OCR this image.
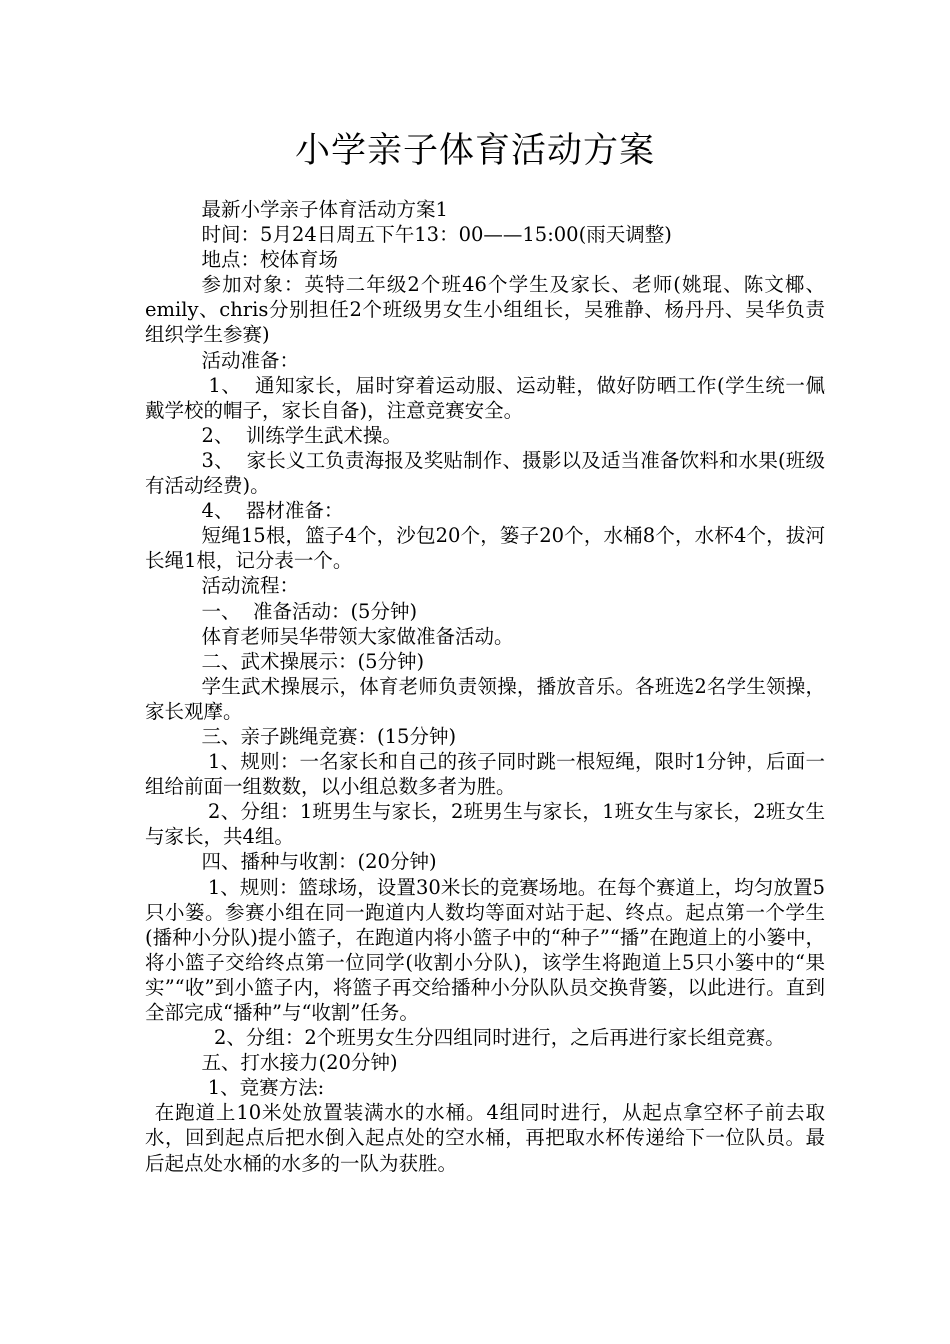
小学亲子体育活动方案

最新小学亲子体育活动方案1

时间：5月24日周五下午13：00——15:00(雨天调整)

地点：校体育场

参加对象：英特二年级2个班46个学生及家长、老师(姚琨、陈文椰、emily、chris分别担任2个班级男女生小组组长，吴雅静、杨丹丹、吴华负责组织学生参赛)

活动准备：

1、  通知家长，届时穿着运动服、运动鞋，做好防晒工作(学生统一佩戴学校的帽子，家长自备)，注意竞赛安全。

2、  训练学生武术操。

3、  家长义工负责海报及奖贴制作、摄影以及适当准备饮料和水果(班级有活动经费)。

4、  器材准备：

短绳15根，篮子4个，沙包20个，篓子20个，水桶8个，水杯4个，拔河长绳1根，记分表一个。

活动流程：

一、  准备活动：(5分钟)

体育老师吴华带领大家做准备活动。

二、武术操展示：(5分钟)

学生武术操展示，体育老师负责领操，播放音乐。各班选2名学生领操，家长观摩。

三、亲子跳绳竞赛：(15分钟)

1、规则：一名家长和自己的孩子同时跳一根短绳，限时1分钟，后面一组给前面一组数数，以小组总数多者为胜。

2、分组：1班男生与家长，2班男生与家长，1班女生与家长，2班女生与家长，共4组。

四、播种与收割：(20分钟)

1、规则：篮球场，设置30米长的竞赛场地。在每个赛道上，均匀放置5只小篓。参赛小组在同一跑道内人数均等面对站于起、终点。起点第一个学生(播种小分队)提小篮子，在跑道内将小篮子中的“种子”“播”在跑道上的小篓中，将小篮子交给终点第一位同学(收割小分队)，该学生将跑道上5只小篓中的“果实”“收”到小篮子内，将篮子再交给播种小分队队员交换背篓，以此进行。直到全部完成“播种”与“收割”任务。

2、分组：2个班男女生分四组同时进行，之后再进行家长组竞赛。

五、打水接力(20分钟)

1、竞赛方法:

在跑道上10米处放置装满水的水桶。4组同时进行，从起点拿空杯子前去取水，回到起点后把水倒入起点处的空水桶，再把取水杯传递给下一位队员。最后起点处水桶的水多的一队为获胜。
